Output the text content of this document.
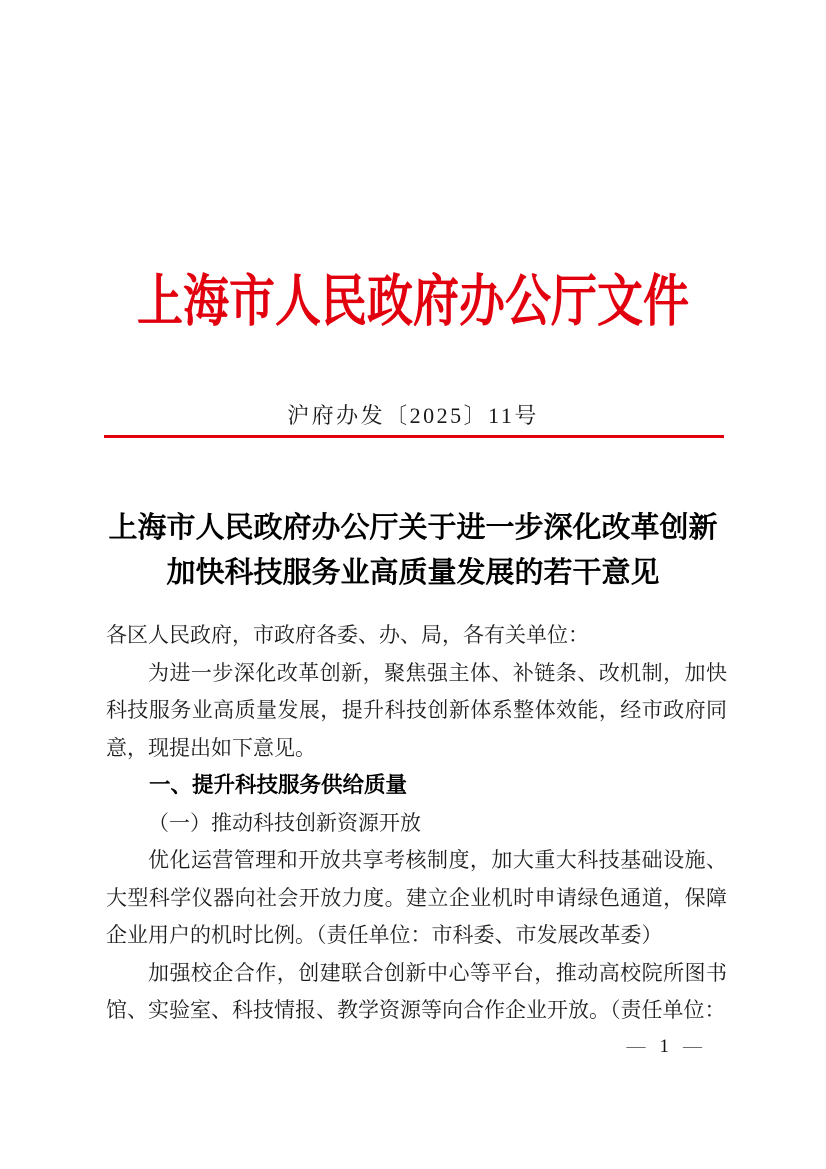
上海市人民政府办公厅文件
沪府办发〔2025〕11号
上海市人民政府办公厅关于进一步深化改革创新
加快科技服务业高质量发展的若干意见

各区人民政府，市政府各委、办、局，各有关单位：

为进一步深化改革创新，聚焦强主体、补链条、改机制，加快科技服务业高质量发展，提升科技创新体系整体效能，经市政府同意，现提出如下意见。

一、提升科技服务供给质量

（一）推动科技创新资源开放

优化运营管理和开放共享考核制度，加大重大科技基础设施、大型科学仪器向社会开放力度。建立企业机时申请绿色通道，保障企业用户的机时比例。（责任单位：市科委、市发展改革委）

加强校企合作，创建联合创新中心等平台，推动高校院所图书馆、实验室、科技情报、教学资源等向合作企业开放。（责任单位：

— 1 —
